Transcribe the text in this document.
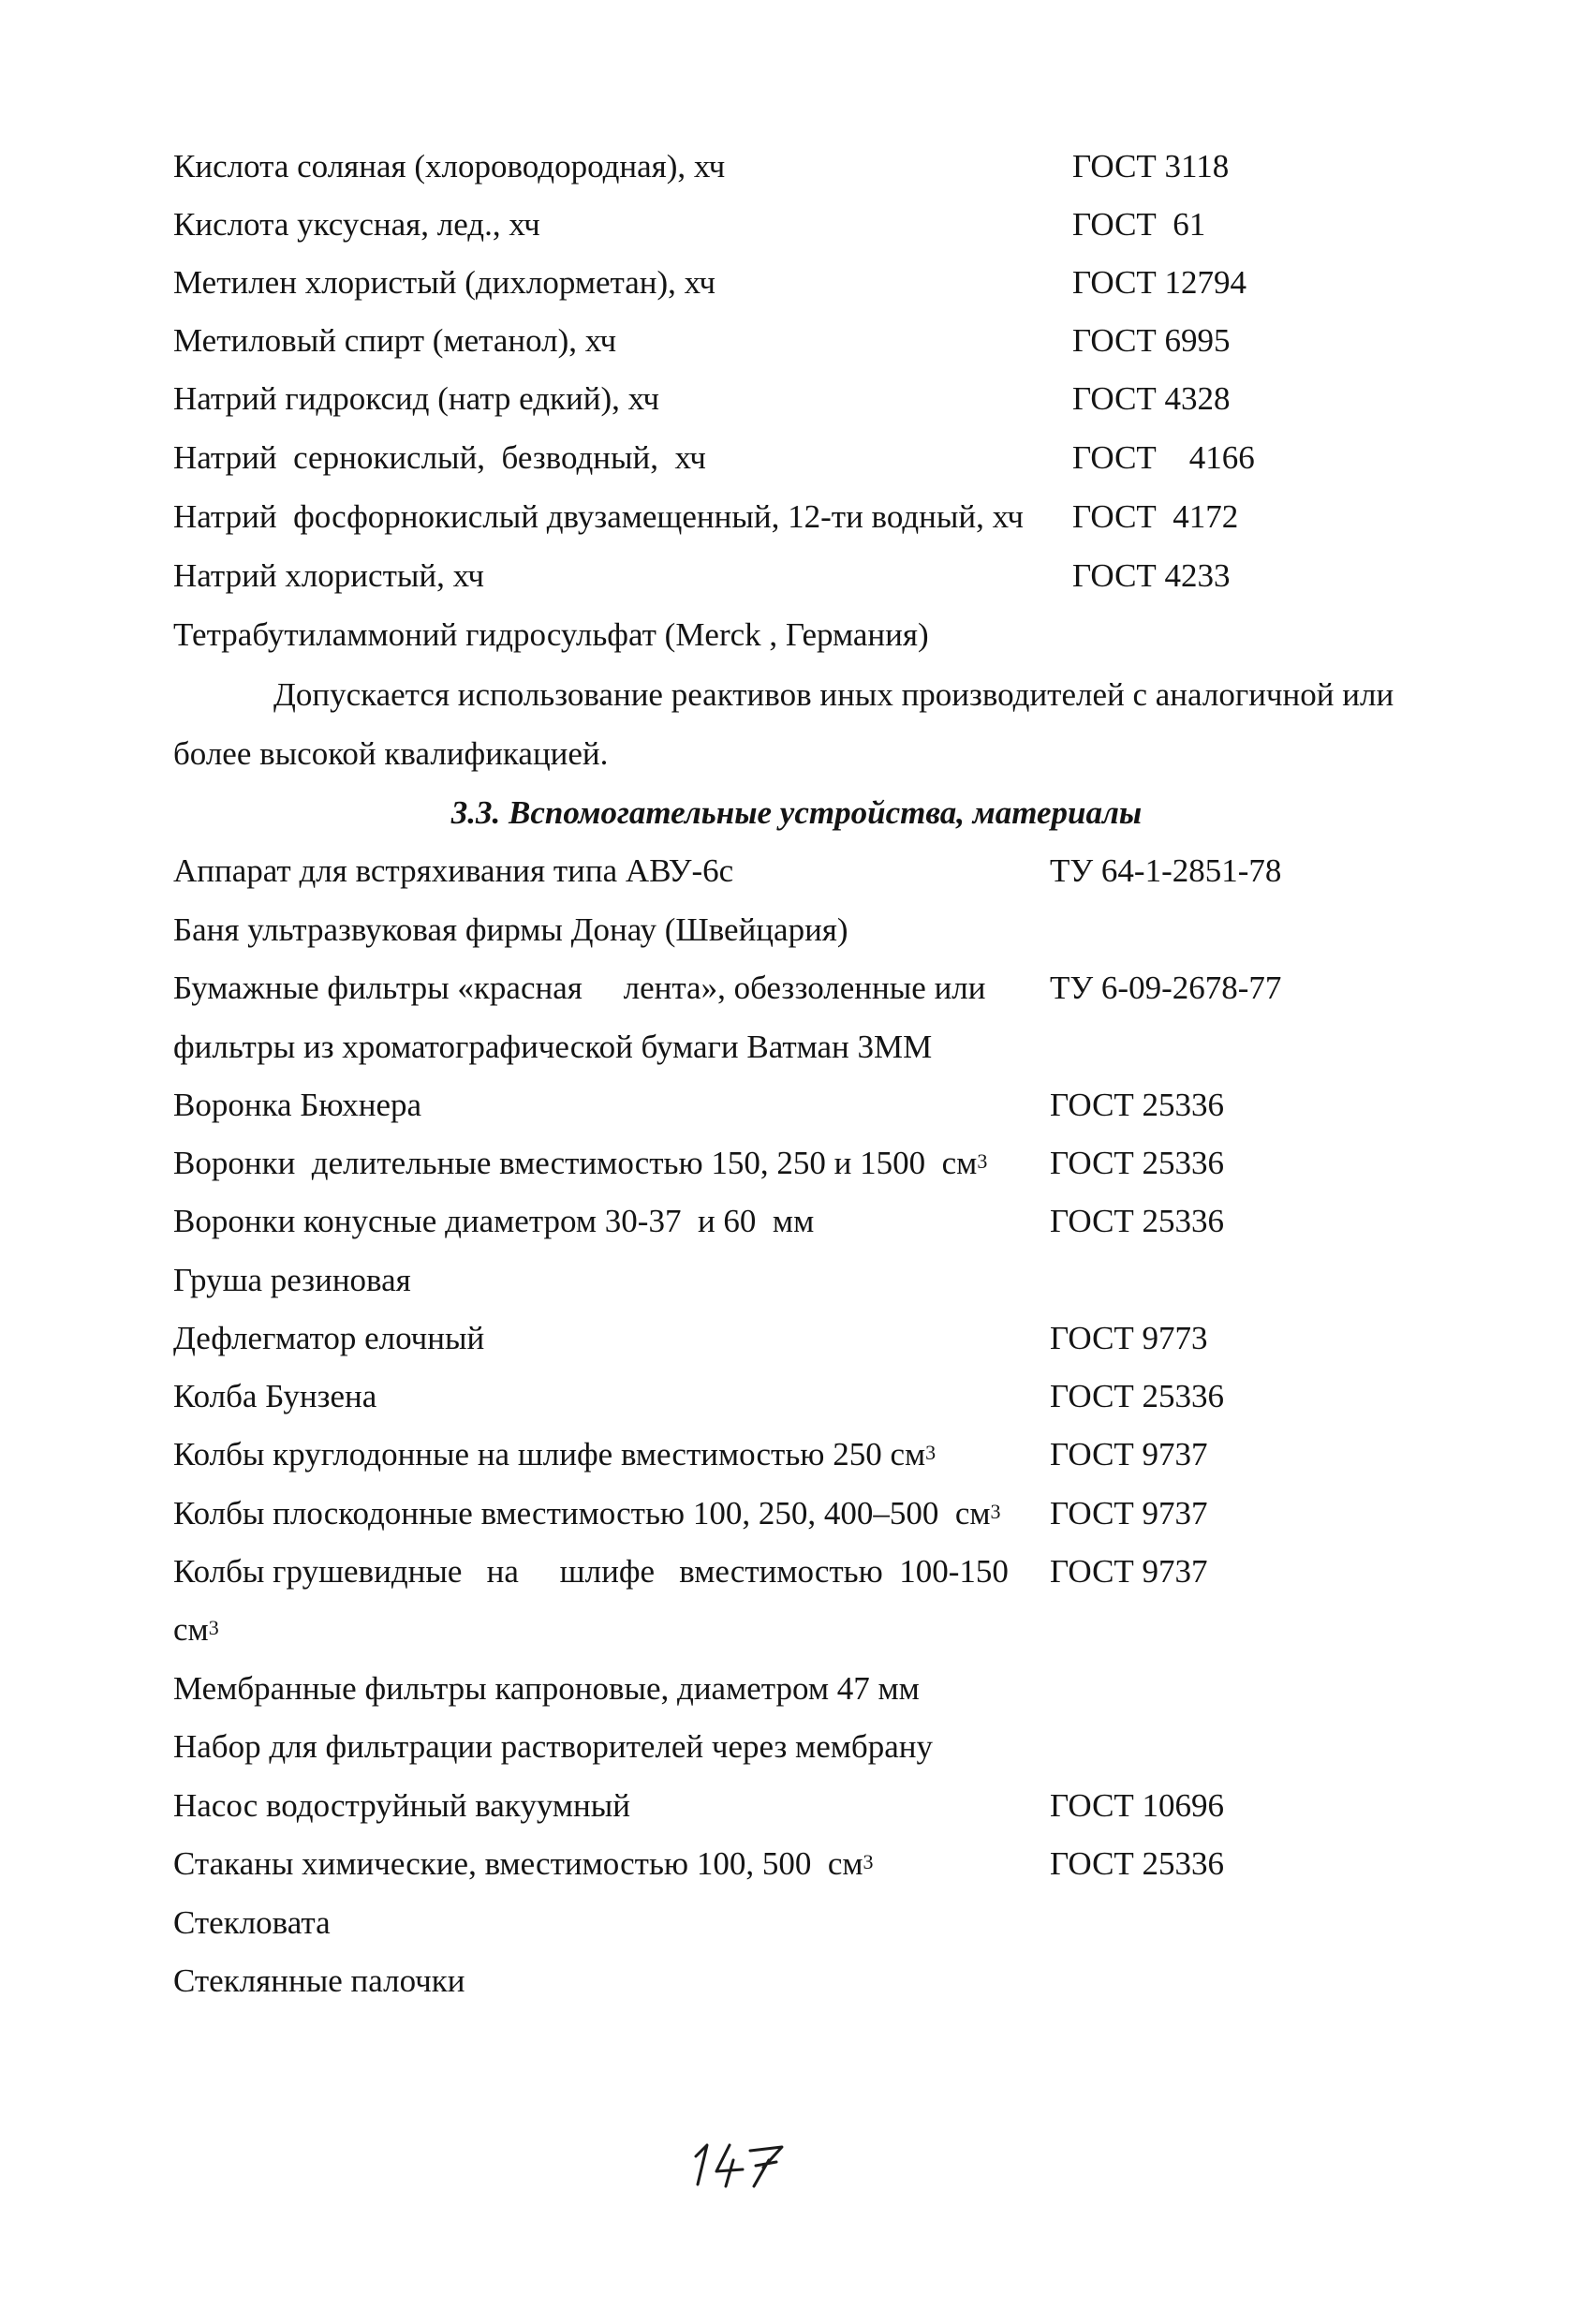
Кислота соляная (хлороводородная), хч	ГОСТ 3118
Кислота уксусная, лед., хч	ГОСТ  61
Метилен хлористый (дихлорметан), хч	ГОСТ 12794
Метиловый спирт (метанол), хч	ГОСТ 6995
Натрий гидроксид (натр едкий), хч	ГОСТ 4328
Натрий  сернокислый,  безводный,  хч	ГОСТ    4166
Натрий  фосфорнокислый двузамещенный, 12-ти водный, хч ГОСТ  4172
Натрий хлористый, хч	ГОСТ 4233
Тетрабутиламмоний гидросульфат (Merck , Германия)
Допускается использование реактивов иных производителей с аналогичной или
более высокой квалификацией.
3.3. Вспомогательные устройства, материалы
Аппарат для встряхивания типа АВУ-6с	ТУ 64-1-2851-78
Баня ультразвуковая фирмы Донау (Швейцария)
Бумажные фильтры «красная     лента», обеззоленные или ТУ 6-09-2678-77
фильтры из хроматографической бумаги Ватман 3ММ
Воронка Бюхнера	ГОСТ 25336
Воронки  делительные вместимостью 150, 250 и 1500  $см^3$ ГОСТ 25336
Воронки конусные диаметром 30-37  и 60  мм	ГОСТ 25336
Груша резиновая
Дефлегматор елочный	ГОСТ 9773
Колба Бунзена	ГОСТ 25336
Колбы круглодонные на шлифе вместимостью 250 $см^3$	ГОСТ 9737
Колбы плоскодонные вместимостью 100, 250, 400–500  $см^3$ ГОСТ 9737
Колбы грушевидные   на     шлифе   вместимостью  100-150 ГОСТ 9737
$см^3$
Мембранные фильтры капроновые, диаметром 47 мм
Набор для фильтрации растворителей через мембрану
Насос водоструйный вакуумный	ГОСТ 10696
Стаканы химические, вместимостью 100, 500  $см^3$	ГОСТ 25336
Стекловата
Стеклянные палочки
